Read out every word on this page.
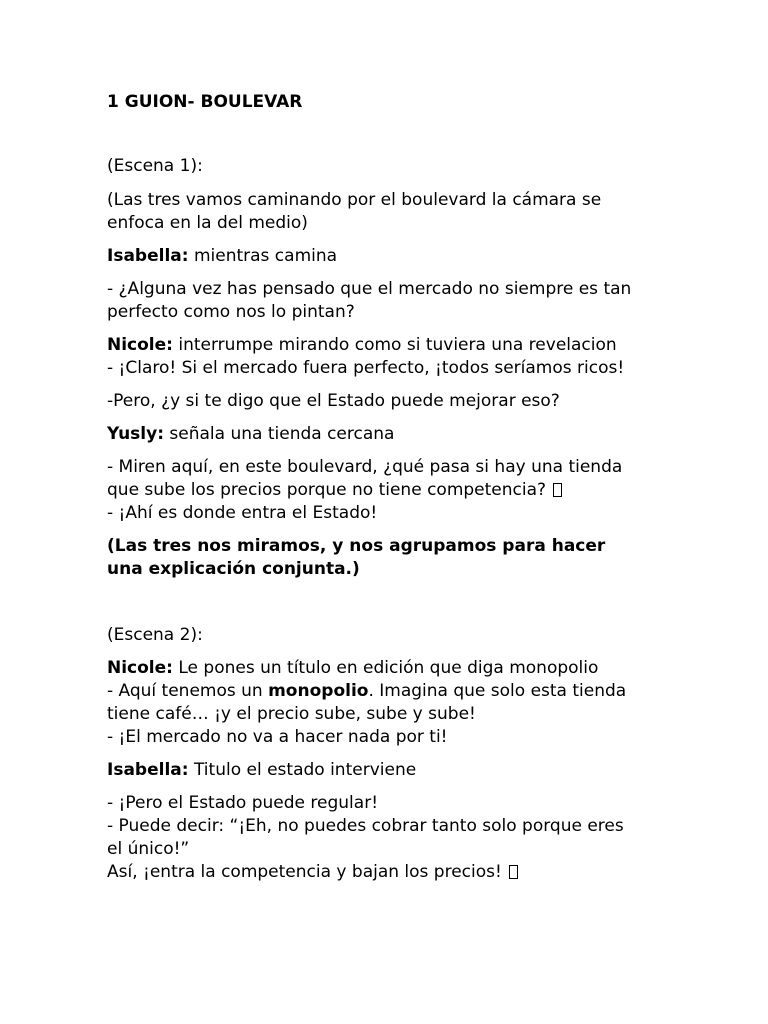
1 GUION- BOULEVAR
(Escena 1):
(Las tres vamos caminando por el boulevard la cámara se
enfoca en la del medio)
Isabella: mientras camina
- ¿Alguna vez has pensado que el mercado no siempre es tan
perfecto como nos lo pintan?
Nicole: interrumpe mirando como si tuviera una revelacion
- ¡Claro! Si el mercado fuera perfecto, ¡todos seríamos ricos!
-Pero, ¿y si te digo que el Estado puede mejorar eso?
Yusly: señala una tienda cercana
- Miren aquí, en este boulevard, ¿qué pasa si hay una tienda
que sube los precios porque no tiene competencia?
- ¡Ahí es donde entra el Estado!
(Las tres nos miramos, y nos agrupamos para hacer
una explicación conjunta.)
(Escena 2):
Nicole: Le pones un título en edición que diga monopolio
- Aquí tenemos un monopolio. Imagina que solo esta tienda
tiene café… ¡y el precio sube, sube y sube!
- ¡El mercado no va a hacer nada por ti!
Isabella: Titulo el estado interviene
- ¡Pero el Estado puede regular!
- Puede decir: “¡Eh, no puedes cobrar tanto solo porque eres
el único!”
Así, ¡entra la competencia y bajan los precios!
